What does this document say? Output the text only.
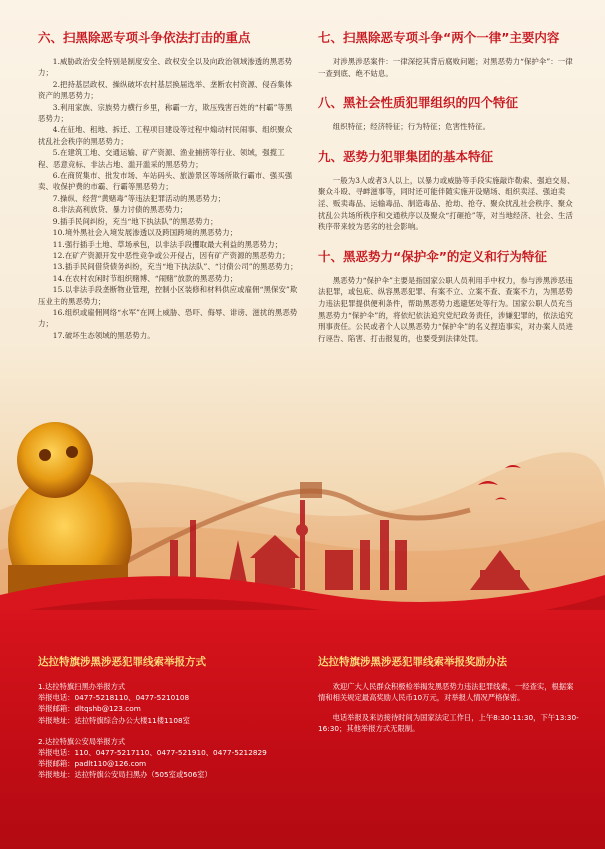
六、扫黑除恶专项斗争依法打击的重点

1.威胁政治安全特别是制度安全、政权安全以及向政治领域渗透的黑恶势力；

2.把持基层政权、操纵破坏农村基层换届选举、垄断农村资源、侵吞集体资产的黑恶势力；

3.利用家族、宗族势力横行乡里，称霸一方，欺压残害百姓的“村霸”等黑恶势力；

4.在征地、租地、拆迁、工程项目建设等过程中煽动村民闹事、组织聚众扰乱社会秩序的黑恶势力；

5.在建筑工地、交通运输、矿产资源、渔业捕捞等行业、领域，强揽工程、恶意竞标、非法占地、滥开滥采的黑恶势力；

6.在商贸集市、批发市场、车站码头、旅游景区等场所欺行霸市、强买强卖、收保护费的市霸、行霸等黑恶势力；

7.操纵、经营“黄赌毒”等违法犯罪活动的黑恶势力；

8.非法高利放贷、暴力讨债的黑恶势力；

9.插手民间纠纷，充当“地下执法队”的黑恶势力；

10.境外黑社会入境发展渗透以及跨国跨境的黑恶势力；

11.强行插手土地、草场承包，以非法手段攫取最大利益的黑恶势力；

12.在矿产资源开发中恶性竞争或公开侵占，因有矿产资源的黑恶势力；

13.插手民间借贷债务纠纷，充当“地下执法队”、“讨债公司”的黑恶势力；

14.在农村农闲时节组织赌博、“闹赌”放款的黑恶势力；

15.以非法手段垄断物业管理，控制小区装修和材料供应或雇佣“黑保安”欺压业主的黑恶势力；

16.组织或雇佣网络“水军”在网上威胁、恐吓、侮辱、诽谤、滋扰的黑恶势力；

17.破坏生态领域的黑恶势力。

七、扫黑除恶专项斗争“两个一律”主要内容

对涉黑涉恶案件：一律深挖其背后腐败问题；对黑恶势力“保护伞”：一律一查到底、绝不姑息。

八、黑社会性质犯罪组织的四个特征

组织特征；经济特征；行为特征；危害性特征。

九、恶势力犯罪集团的基本特征

一般为3人或者3人以上，以暴力或威胁等手段实施敲诈勒索、强迫交易、聚众斗殴、寻衅滋事等，同时还可能伴随实施开设赌场、组织卖淫、强迫卖淫、贩卖毒品、运输毒品、制造毒品、抢劫、抢夺、聚众扰乱社会秩序、聚众扰乱公共场所秩序和交通秩序以及聚众“打砸抢”等，对当地经济、社会、生活秩序带来较为恶劣的社会影响。

十、黑恶势力“保护伞”的定义和行为特征

黑恶势力“保护伞”主要是指国家公职人员利用手中权力，参与涉黑涉恶违法犯罪，或包庇、纵容黑恶犯罪、有案不立、立案不查、查案不力，为黑恶势力违法犯罪提供便利条件，帮助黑恶势力逃避惩处等行为。国家公职人员充当黑恶势力“保护伞”的，将依纪依法追究党纪政务责任，涉嫌犯罪的，依法追究刑事责任。公民或者个人以黑恶势力“保护伞”的名义捏造事实，对办案人员进行诬告、陷害、打击报复的，也要受到法律处罚。

达拉特旗涉黑涉恶犯罪线索举报方式

1.达拉特旗扫黑办举报方式

举报电话：0477-5218110、0477-5210108

举报邮箱：dltqshb@123.com

举报地址：达拉特旗综合办公大楼11楼1108室

2.达拉特旗公安局举报方式

举报电话：110、0477-5217110、0477-521910、0477-5212829

举报邮箱：padlt110@126.com

举报地址：达拉特旗公安局扫黑办（505室或506室）

达拉特旗涉黑涉恶犯罪线索举报奖励办法

欢迎广大人民群众积极检举揭发黑恶势力违法犯罪线索，一经查实，根据案情和相关规定最高奖励人民币10万元，对举报人情况严格保密。

电话举报及来访接待时间为国家法定工作日，上午8:30-11:30，下午13:30-16:30；其他举报方式无限制。
